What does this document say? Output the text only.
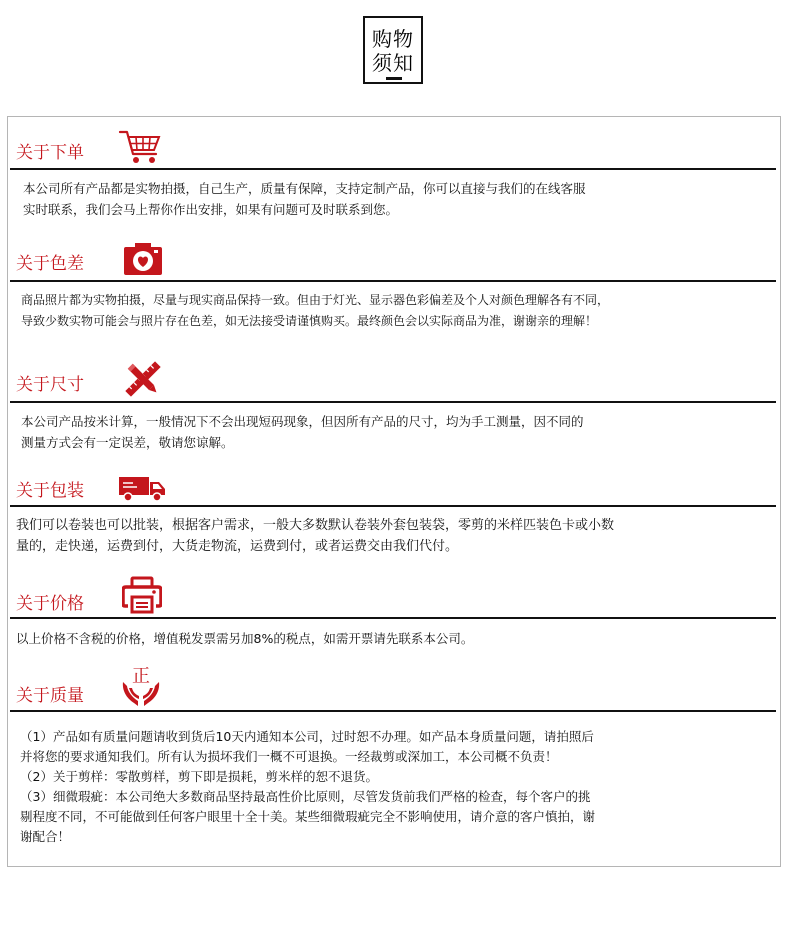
购物
须知
关于下单

本公司所有产品都是实物拍摄，自己生产，质量有保障，支持定制产品，你可以直接与我们的在线客服

实时联系，我们会马上帮你作出安排，如果有问题可及时联系到您。

关于色差

商品照片都为实物拍摄，尽量与现实商品保持一致。但由于灯光、显示器色彩偏差及个人对颜色理解各有不同，

导致少数实物可能会与照片存在色差，如无法接受请谨慎购买。最终颜色会以实际商品为准，谢谢亲的理解！

关于尺寸

本公司产品按米计算，一般情况下不会出现短码现象，但因所有产品的尺寸，均为手工测量，因不同的

测量方式会有一定误差，敬请您谅解。

关于包装

我们可以卷装也可以批装，根据客户需求，一般大多数默认卷装外套包装袋，零剪的米样匹装色卡或小数

量的，走快递，运费到付，大货走物流，运费到付，或者运费交由我们代付。

关于价格

以上价格不含税的价格，增值税发票需另加8%的税点，如需开票请先联系本公司。

关于质量
正

（1）产品如有质量问题请收到货后10天内通知本公司，过时恕不办理。如产品本身质量问题，请拍照后

并将您的要求通知我们。所有认为损坏我们一概不可退换。一经裁剪或深加工，本公司概不负责！

（2）关于剪样：零散剪样，剪下即是损耗，剪米样的恕不退货。

（3）细微瑕疵：本公司绝大多数商品坚持最高性价比原则，尽管发货前我们严格的检查，每个客户的挑

剔程度不同，不可能做到任何客户眼里十全十美。某些细微瑕疵完全不影响使用，请介意的客户慎拍，谢

谢配合！
